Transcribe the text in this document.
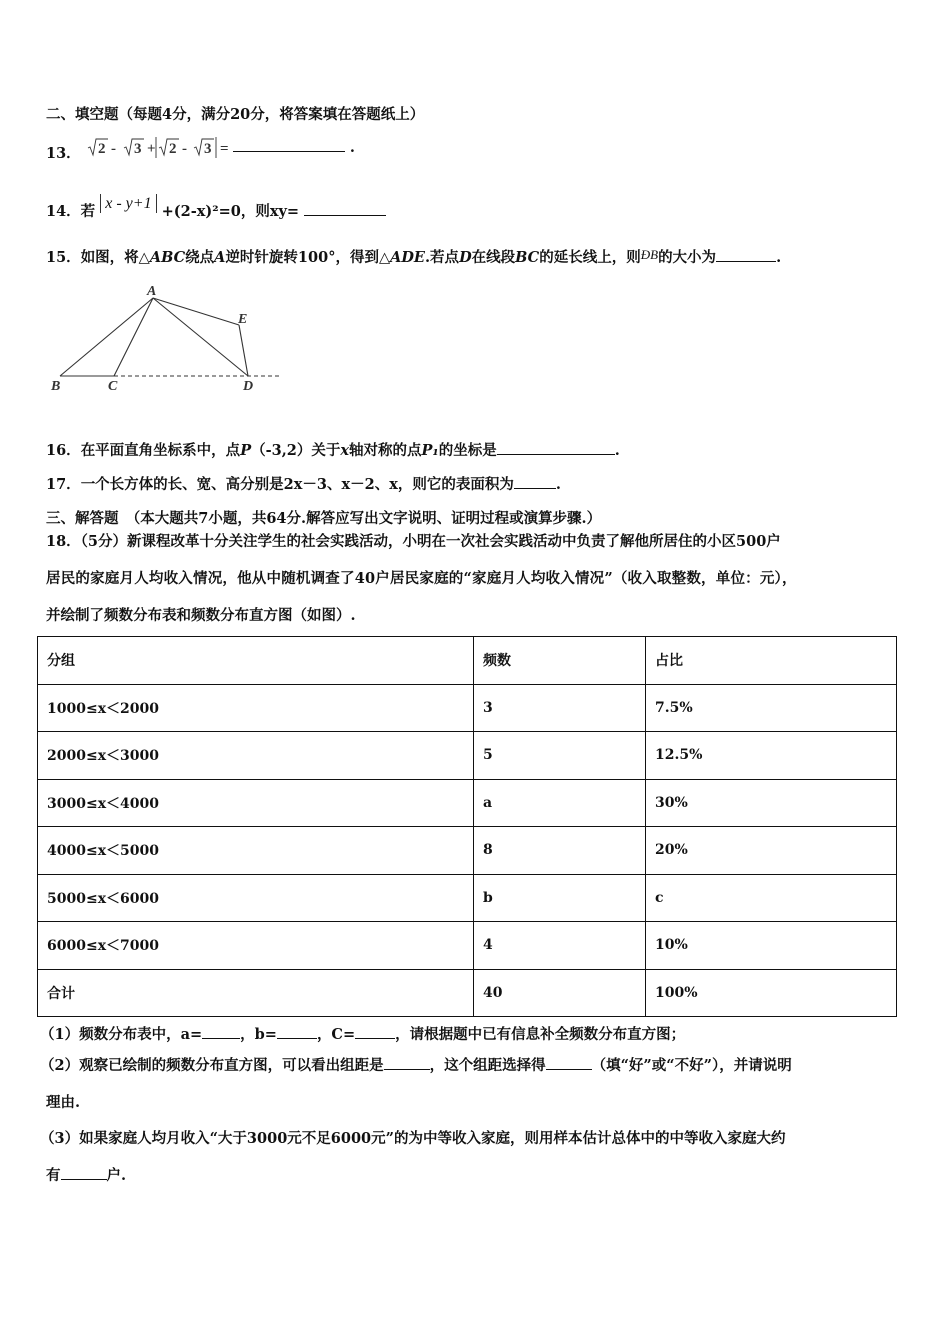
二、填空题（每题4分，满分20分，将答案填在答题纸上）
13． 2 - 3 + 2 - 3 =	.
14．若 x - y+1 +(2-x)²=0，则xy=
15．如图，将△ABC绕点A逆时针旋转100°，得到△ADE.若点D在线段BC的延长线上，则ÐB的大小为	.
A
B	C	D
E
16．在平面直角坐标系中，点P（-3,2）关于x轴对称的点P₁的坐标是	.
17．一个长方体的长、宽、高分别是2x－3、x－2、x，则它的表面积为	.
三、解答题　（本大题共7小题，共64分.解答应写出文字说明、证明过程或演算步骤.）
18．（5分）新课程改革十分关注学生的社会实践活动，小明在一次社会实践活动中负责了解他所居住的小区500户
居民的家庭月人均收入情况，他从中随机调查了40户居民家庭的“家庭月人均收入情况”（收入取整数，单位：元），
并绘制了频数分布表和频数分布直方图（如图）.
分组	频数	占比
1000≤x＜2000	3	7.5%
2000≤x＜3000	5	12.5%
3000≤x＜4000	a	30%
4000≤x＜5000	8	20%
5000≤x＜6000	b	c
6000≤x＜7000	4	10%
合计	40	100%
（1）频数分布表中，a=	，b=	，C=	，请根据题中已有信息补全频数分布直方图；
（2）观察已绘制的频数分布直方图，可以看出组距是	，这个组距选择得	（填“好”或“不好”），并请说明
理由.
（3）如果家庭人均月收入“大于3000元不足6000元”的为中等收入家庭，则用样本估计总体中的中等收入家庭大约
有	户.
